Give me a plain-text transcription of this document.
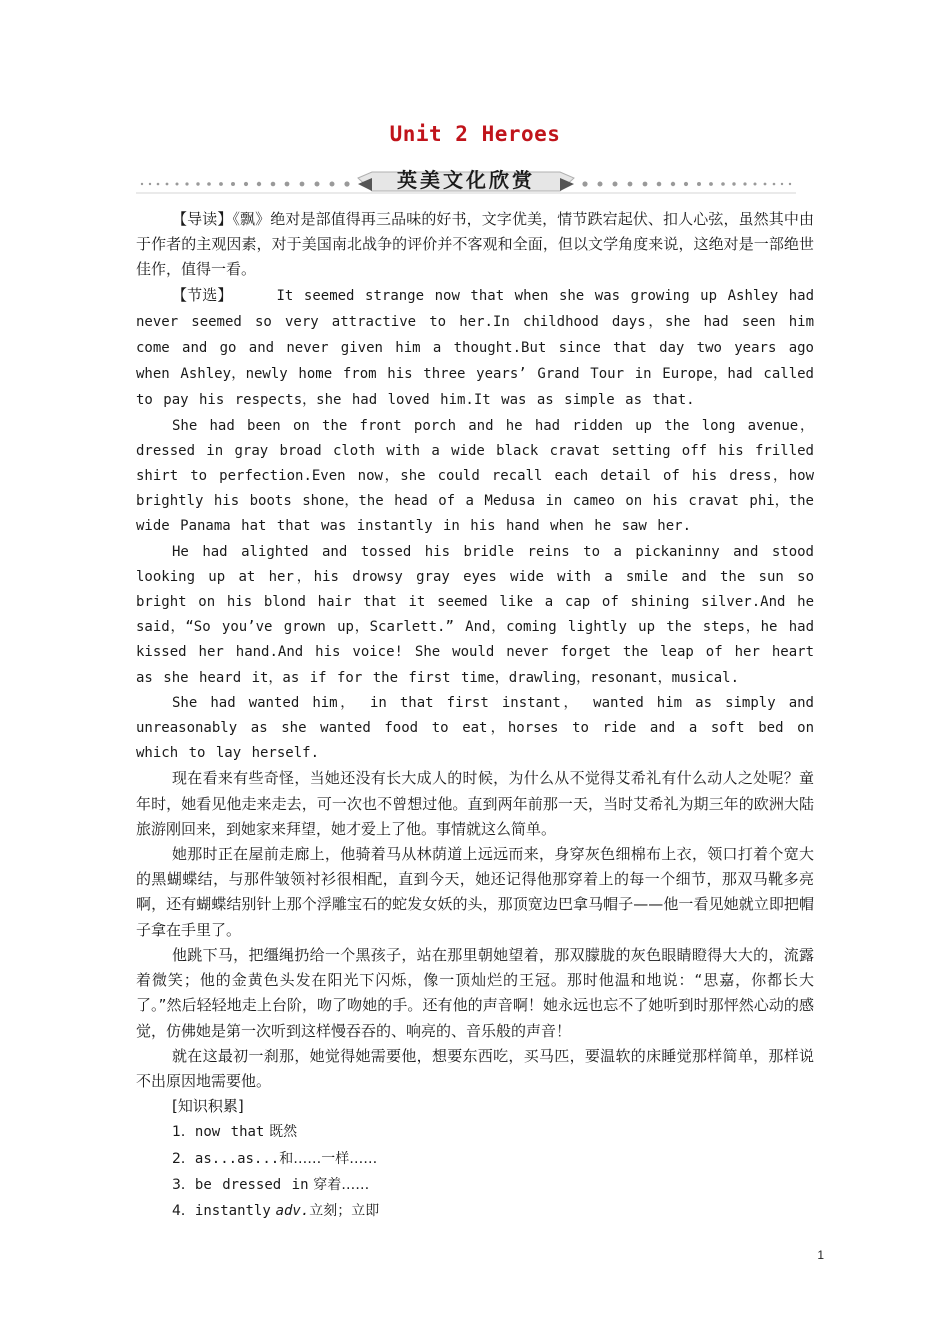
Unit 2 Heroes
英美文化欣赏

【导读】《飘》绝对是部值得再三品味的好书，文字优美，情节跌宕起伏、扣人心弦，虽然其中由于作者的主观因素，对于美国南北战争的评价并不客观和全面，但以文学角度来说，这绝对是一部绝世佳作，值得一看。

【节选】	It seemed strange now that when she was growing up Ashley had never seemed so very attractive to her.In childhood days，she had seen him come and go and never given him a thought.But since that day two years ago when Ashley，newly home from his three years’ Grand Tour in Europe，had called to pay his respects，she had loved him.It was as simple as that.

She had been on the front porch and he had ridden up the long avenue，dressed in gray broad cloth with a wide black cravat setting off his frilled shirt to perfection.Even now，she could recall each detail of his dress，how brightly his boots shone，the head of a Medusa in cameo on his cravat phi，the wide Panama hat that was instantly in his hand when he saw her.

He had alighted and tossed his bridle reins to a pickaninny and stood looking up at her，his drowsy gray eyes wide with a smile and the sun so bright on his blond hair that it seemed like a cap of shining silver.And he said，“So you’ve grown up，Scarlett.” And，coming lightly up the steps，he had kissed her hand.And his voice! She would never forget the leap of her heart as she heard it，as if for the first time，drawling，resonant，musical.

She had wanted him， in that first instant， wanted him as simply and unreasonably as she wanted food to eat，horses to ride and a soft bed on which to lay herself.

现在看来有些奇怪，当她还没有长大成人的时候，为什么从不觉得艾希礼有什么动人之处呢？童年时，她看见他走来走去，可一次也不曾想过他。直到两年前那一天，当时艾希礼为期三年的欧洲大陆旅游刚回来，到她家来拜望，她才爱上了他。事情就这么简单。

她那时正在屋前走廊上，他骑着马从林荫道上远远而来，身穿灰色细棉布上衣，领口打着个宽大的黑蝴蝶结，与那件皱领衬衫很相配，直到今天，她还记得他那穿着上的每一个细节，那双马靴多亮啊，还有蝴蝶结别针上那个浮雕宝石的蛇发女妖的头，那顶宽边巴拿马帽子——他一看见她就立即把帽子拿在手里了。

他跳下马，把缰绳扔给一个黑孩子，站在那里朝她望着，那双朦胧的灰色眼睛瞪得大大的，流露着微笑；他的金黄色头发在阳光下闪烁，像一顶灿烂的王冠。那时他温和地说：“思嘉，你都长大了。”然后轻轻地走上台阶，吻了吻她的手。还有他的声音啊！她永远也忘不了她听到时那怦然心动的感觉，仿佛她是第一次听到这样慢吞吞的、响亮的、音乐般的声音！

就在这最初一刹那，她觉得她需要他，想要东西吃，买马匹，要温软的床睡觉那样简单，那样说不出原因地需要他。

[知识积累]

1．now that 既然

2．as...as...和……一样……

3．be dressed in 穿着……

4．instantly adv.立刻；立即

1
